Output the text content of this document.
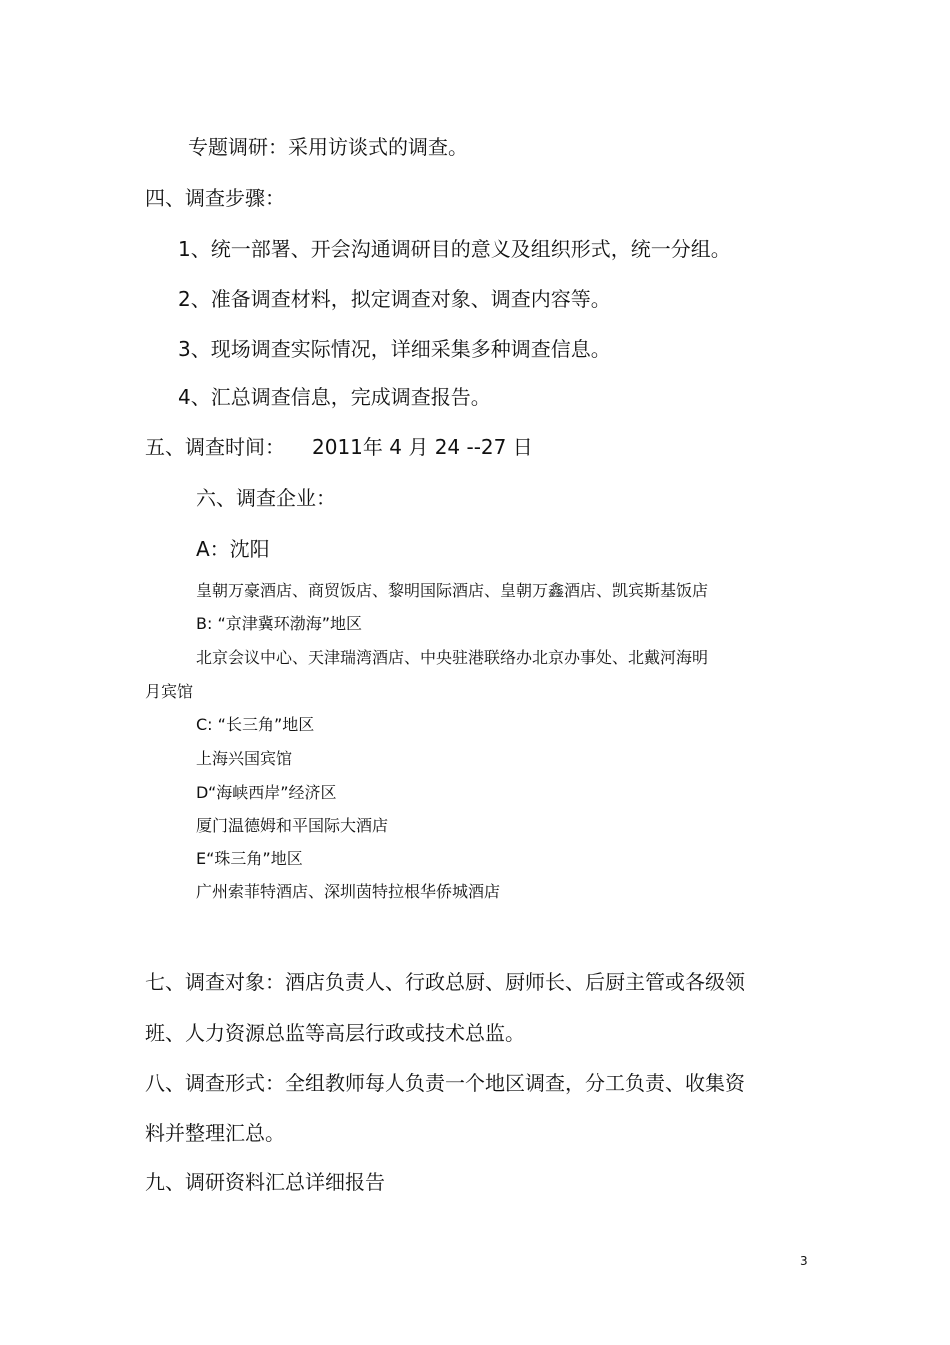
专题调研：采用访谈式的调查。
四、调查步骤：
1、统一部署、开会沟通调研目的意义及组织形式，统一分组。
2、准备调查材料，拟定调查对象、调查内容等。
3、现场调查实际情况，详细采集多种调查信息。
4、汇总调查信息，完成调查报告。
五、调查时间： 2011年 4 月 24 --27 日
六、调查企业：
A：沈阳
皇朝万豪酒店、商贸饭店、黎明国际酒店、皇朝万鑫酒店、凯宾斯基饭店
B: “京津冀环渤海”地区
北京会议中心、天津瑞湾酒店、中央驻港联络办北京办事处、北戴河海明
月宾馆
C: “长三角”地区
上海兴国宾馆
D“海峡西岸”经济区
厦门温德姆和平国际大酒店
E“珠三角”地区
广州索菲特酒店、深圳茵特拉根华侨城酒店
七、调查对象：酒店负责人、行政总厨、厨师长、后厨主管或各级领
班、人力资源总监等高层行政或技术总监。
八、调查形式：全组教师每人负责一个地区调查，分工负责、收集资
料并整理汇总。
九、调研资料汇总详细报告
3
